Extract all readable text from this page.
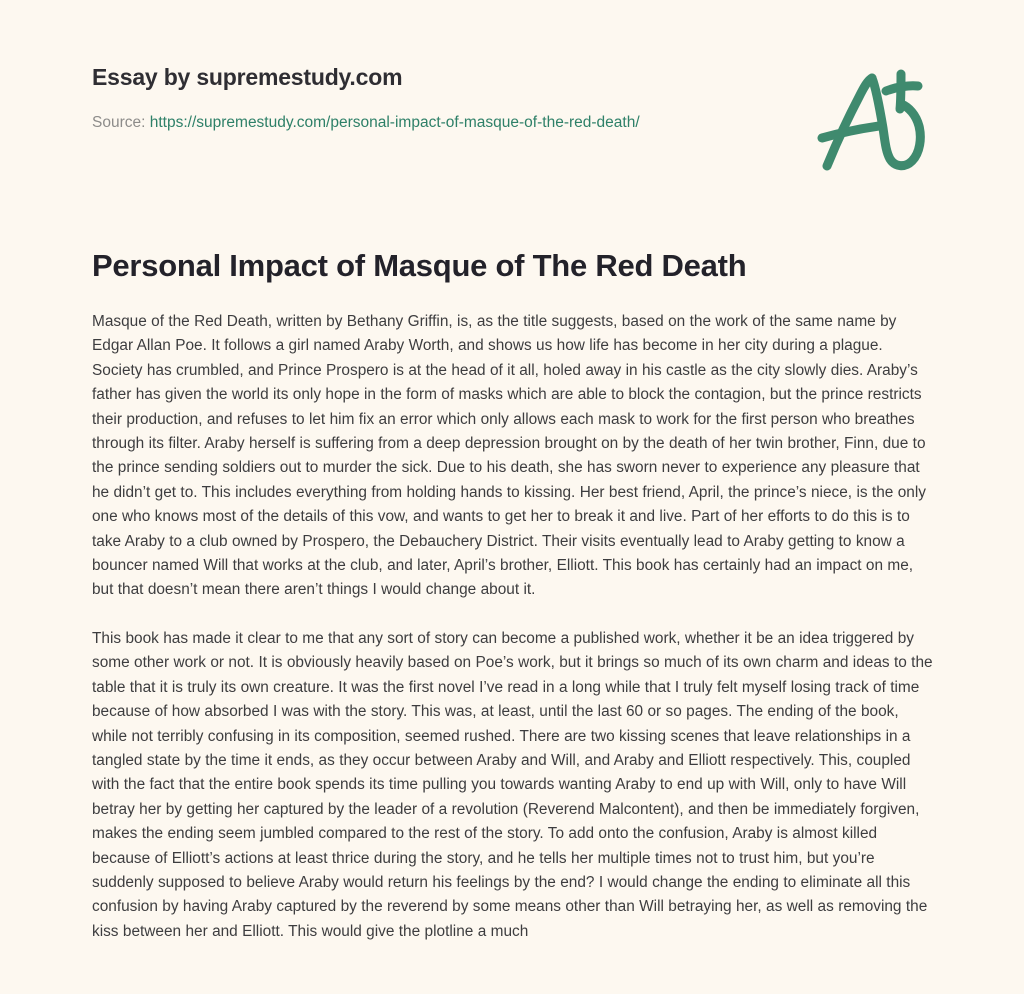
Essay by supremestudy.com
Source: https://supremestudy.com/personal-impact-of-masque-of-the-red-death/
Personal Impact of Masque of The Red Death

Masque of the Red Death, written by Bethany Griffin, is, as the title suggests, based on the work of the same name by Edgar Allan Poe. It follows a girl named Araby Worth, and shows us how life has become in her city during a plague. Society has crumbled, and Prince Prospero is at the head of it all, holed away in his castle as the city slowly dies. Araby’s father has given the world its only hope in the form of masks which are able to block the contagion, but the prince restricts their production, and refuses to let him fix an error which only allows each mask to work for the first person who breathes through its filter. Araby herself is suffering from a deep depression brought on by the death of her twin brother, Finn, due to the prince sending soldiers out to murder the sick. Due to his death, she has sworn never to experience any pleasure that he didn’t get to. This includes everything from holding hands to kissing. Her best friend, April, the prince’s niece, is the only one who knows most of the details of this vow, and wants to get her to break it and live. Part of her efforts to do this is to take Araby to a club owned by Prospero, the Debauchery District. Their visits eventually lead to Araby getting to know a bouncer named Will that works at the club, and later, April’s brother, Elliott. This book has certainly had an impact on me, but that doesn’t mean there aren’t things I would change about it.

This book has made it clear to me that any sort of story can become a published work, whether it be an idea triggered by some other work or not. It is obviously heavily based on Poe’s work, but it brings so much of its own charm and ideas to the table that it is truly its own creature. It was the first novel I’ve read in a long while that I truly felt myself losing track of time because of how absorbed I was with the story. This was, at least, until the last 60 or so pages. The ending of the book, while not terribly confusing in its composition, seemed rushed. There are two kissing scenes that leave relationships in a tangled state by the time it ends, as they occur between Araby and Will, and Araby and Elliott respectively. This, coupled with the fact that the entire book spends its time pulling you towards wanting Araby to end up with Will, only to have Will betray her by getting her captured by the leader of a revolution (Reverend Malcontent), and then be immediately forgiven, makes the ending seem jumbled compared to the rest of the story. To add onto the confusion, Araby is almost killed because of Elliott’s actions at least thrice during the story, and he tells her multiple times not to trust him, but you’re suddenly supposed to believe Araby would return his feelings by the end? I would change the ending to eliminate all this confusion by having Araby captured by the reverend by some means other than Will betraying her, as well as removing the kiss between her and Elliott. This would give the plotline a much
